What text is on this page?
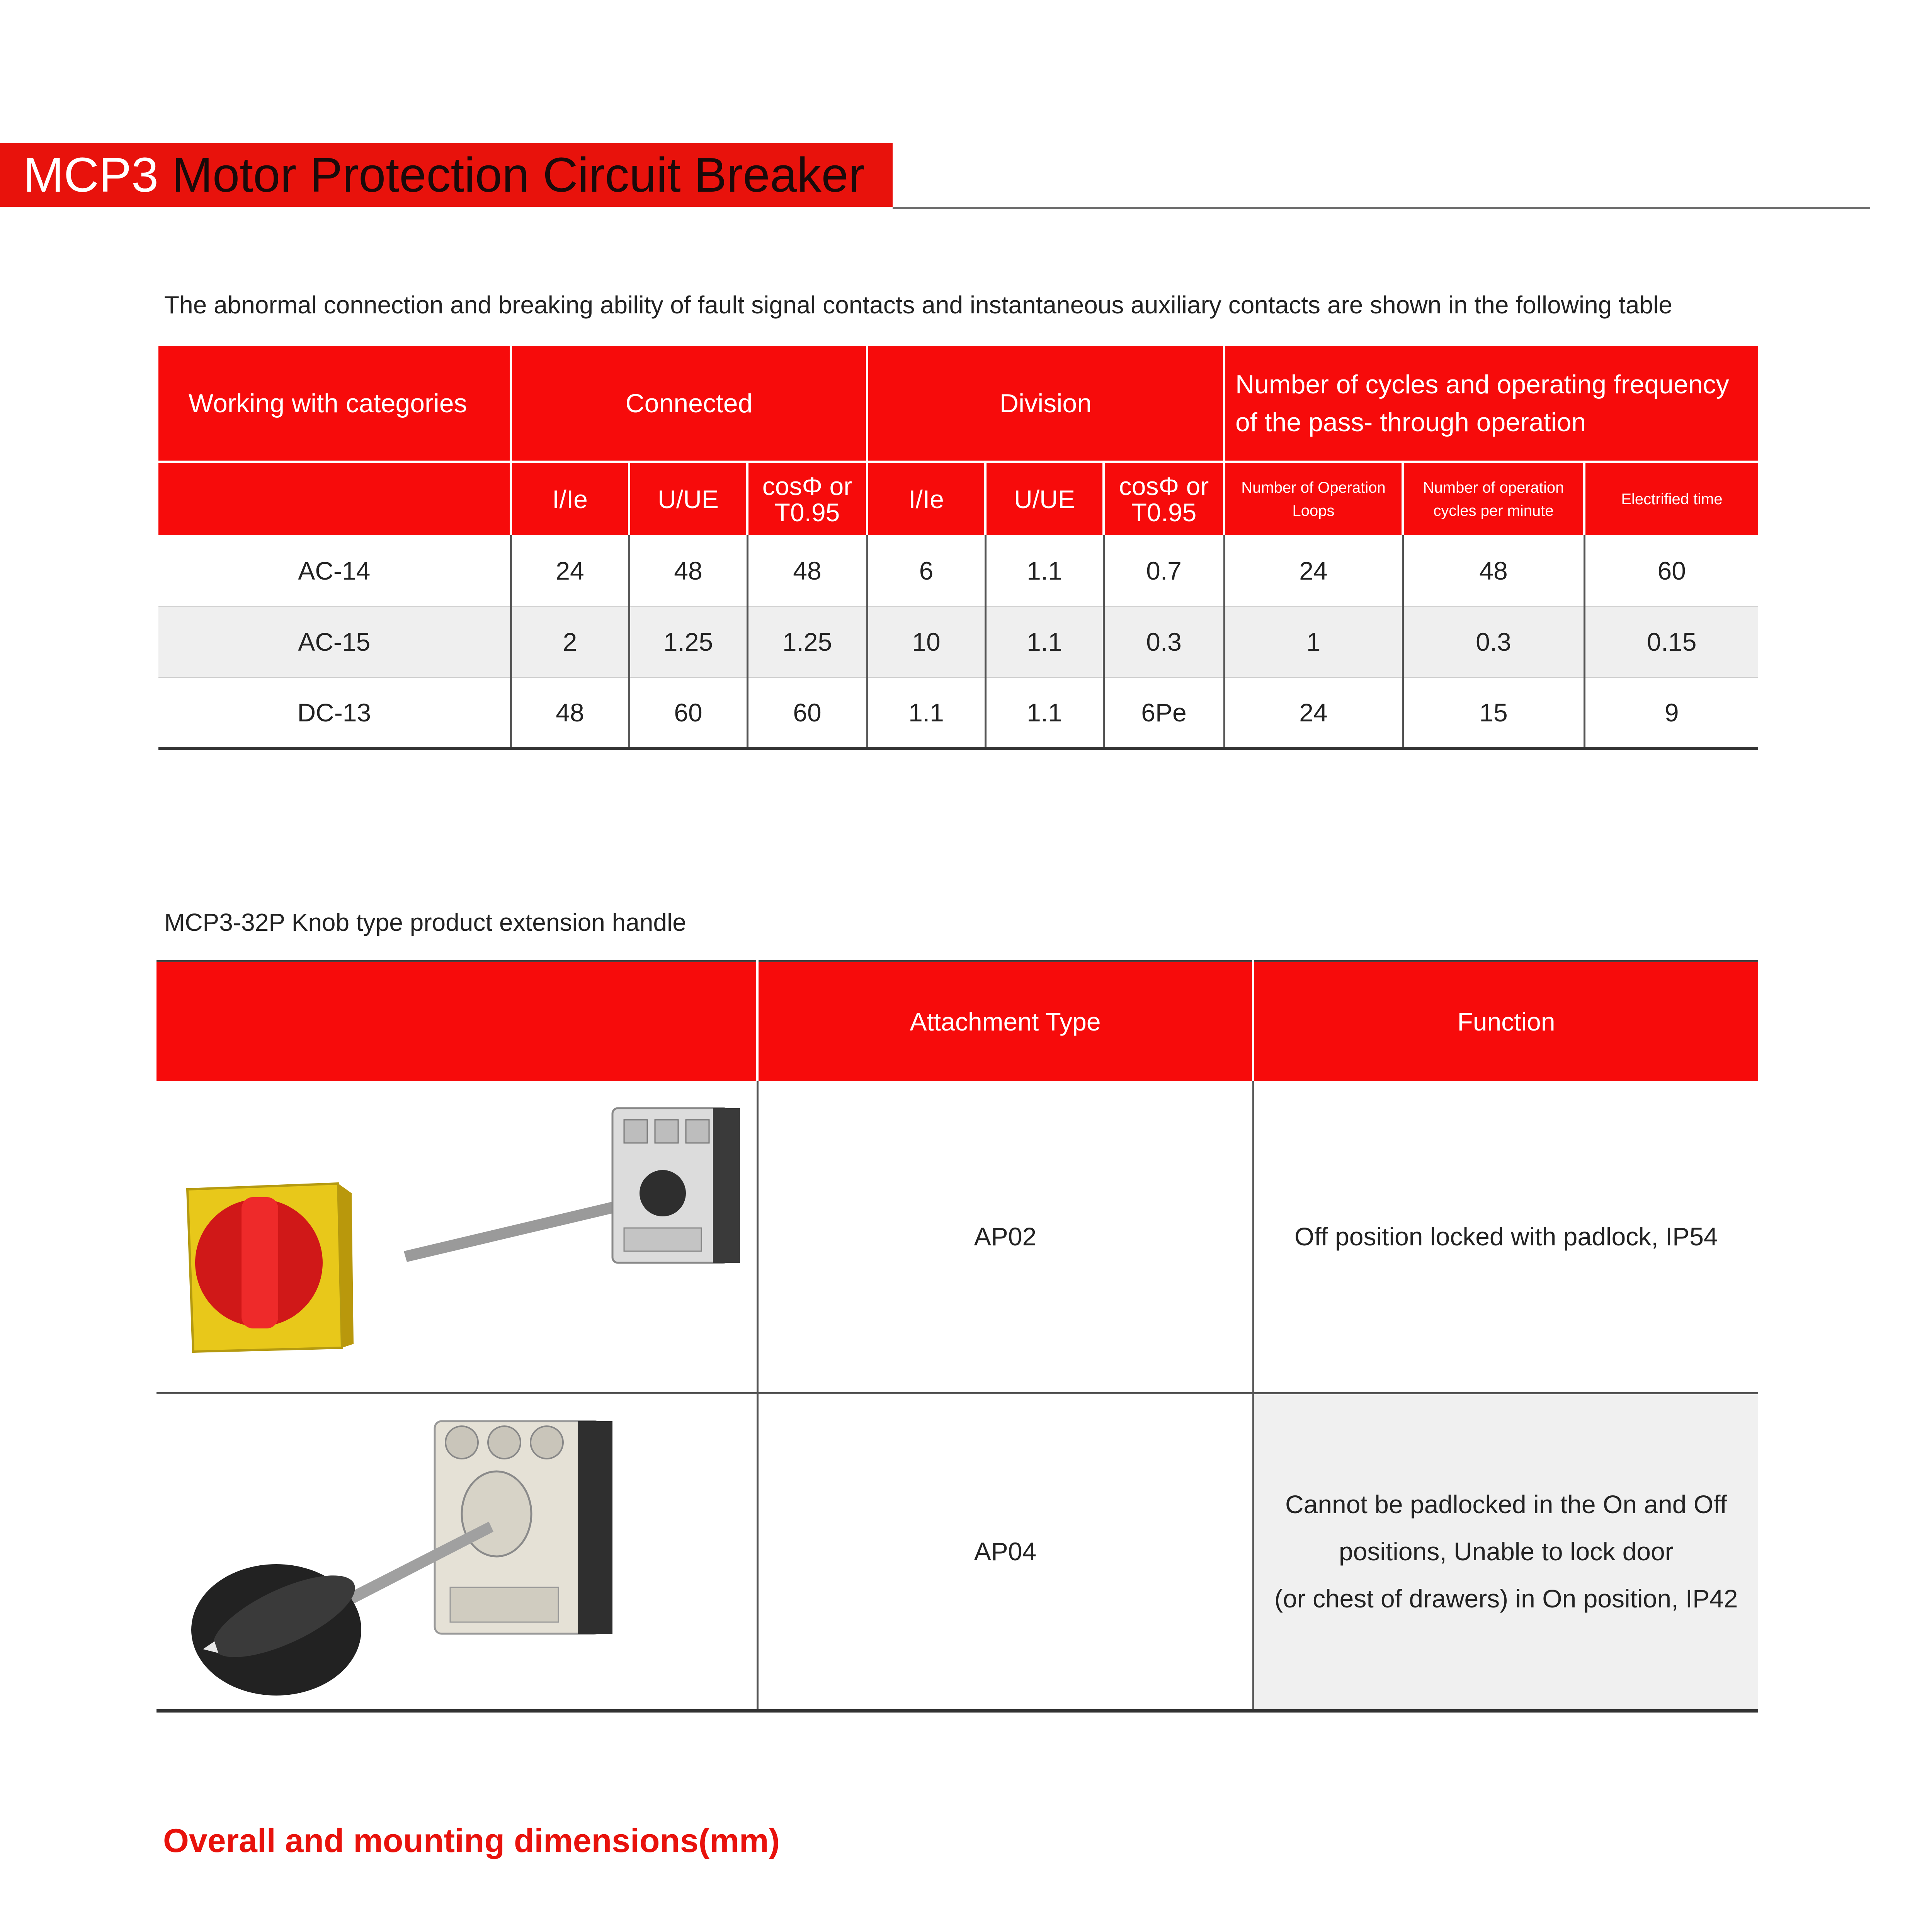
MCP3 Motor Protection Circuit Breaker
The abnormal connection and breaking ability of fault signal contacts and instantaneous auxiliary contacts are shown in the following table
Working with categories	Connected			Division			Number of cycles and operating frequency of the pass- through operation		
	I/Ie	U/UE	cosΦ or T0.95	I/Ie	U/UE	cosΦ or T0.95	Number of Operation Loops	Number of operation cycles per minute	Electrified time
AC-14	24	48	48	6	1.1	0.7	24	48	60
AC-15	2	1.25	1.25	10	1.1	0.3	1	0.3	0.15
DC-13	48	60	60	1.1	1.1	6Pe	24	15	9
MCP3-32P Knob type product extension handle
	Attachment Type	Function
	AP02	Off position locked with padlock, IP54
	AP04	Cannot be padlocked in the On and Off
positions, Unable to lock door
(or chest of drawers) in On position, IP42
Overall and mounting dimensions(mm)
